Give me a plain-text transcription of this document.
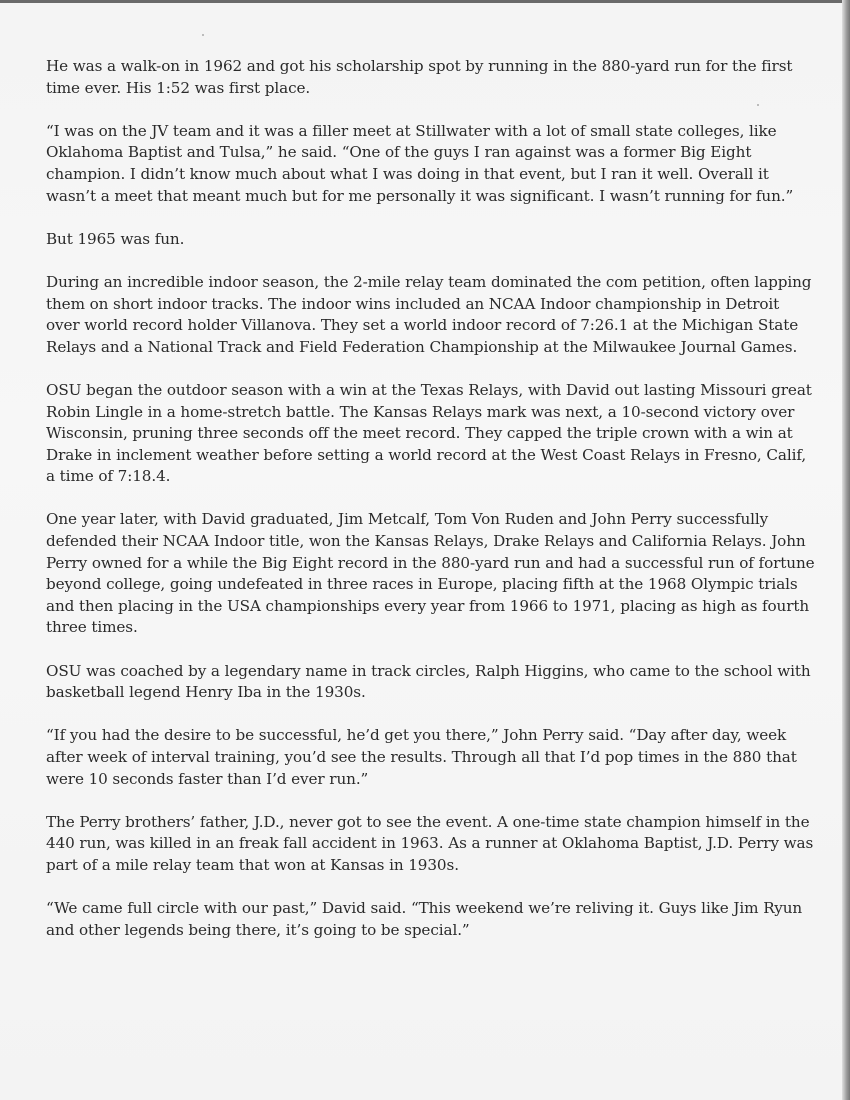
He was a walk-on in 1962 and got his scholarship spot by running in the 880-yard run for the first time ever. His 1:52 was first place.

“I was on the JV team and it was a filler meet at Stillwater with a lot of small state colleges, like Oklahoma Baptist and Tulsa,” he said. “One of the guys I ran against was a former Big Eight champion. I didn’t know much about what I was doing in that event, but I ran it well. Overall it wasn’t a meet that meant much but for me personally it was significant. I wasn’t running for fun.”

But 1965 was fun.

During an incredible indoor season, the 2-mile relay team dominated the com petition, often lapping them on short indoor tracks. The indoor wins included an NCAA Indoor championship in Detroit over world record holder Villanova. They set a world indoor record of 7:26.1 at the Michigan State Relays and a National Track and Field Federation Championship at the Milwaukee Journal Games.

OSU began the outdoor season with a win at the Texas Relays, with David out lasting Missouri great Robin Lingle in a home-stretch battle. The Kansas Relays mark was next, a 10-second victory over Wisconsin, pruning three seconds off the meet record. They capped the triple crown with a win at Drake in inclement weather before setting a world record at the West Coast Relays in Fresno, Calif, a time of 7:18.4.

One year later, with David graduated, Jim Metcalf, Tom Von Ruden and John Perry successfully defended their NCAA Indoor title, won the Kansas Relays, Drake Relays and California Relays. John Perry owned for a while the Big Eight record in the 880-yard run and had a successful run of fortune beyond college, going undefeated in three races in Europe, placing fifth at the 1968 Olympic trials and then placing in the USA championships every year from 1966 to 1971, placing as high as fourth three times.

OSU was coached by a legendary name in track circles, Ralph Higgins, who came to the school with basketball legend Henry Iba in the 1930s.

“If you had the desire to be successful, he’d get you there,” John Perry said. “Day after day, week after week of interval training, you’d see the results. Through all that I’d pop times in the 880 that were 10 seconds faster than I’d ever run.”

The Perry brothers’ father, J.D., never got to see the event. A one-time state champion himself in the 440 run, was killed in an freak fall accident in 1963. As a runner at Oklahoma Baptist, J.D. Perry was part of a mile relay team that won at Kansas in 1930s.

“We came full circle with our past,” David said. “This weekend we’re reliving it. Guys like Jim Ryun and other legends being there, it’s going to be special.”
